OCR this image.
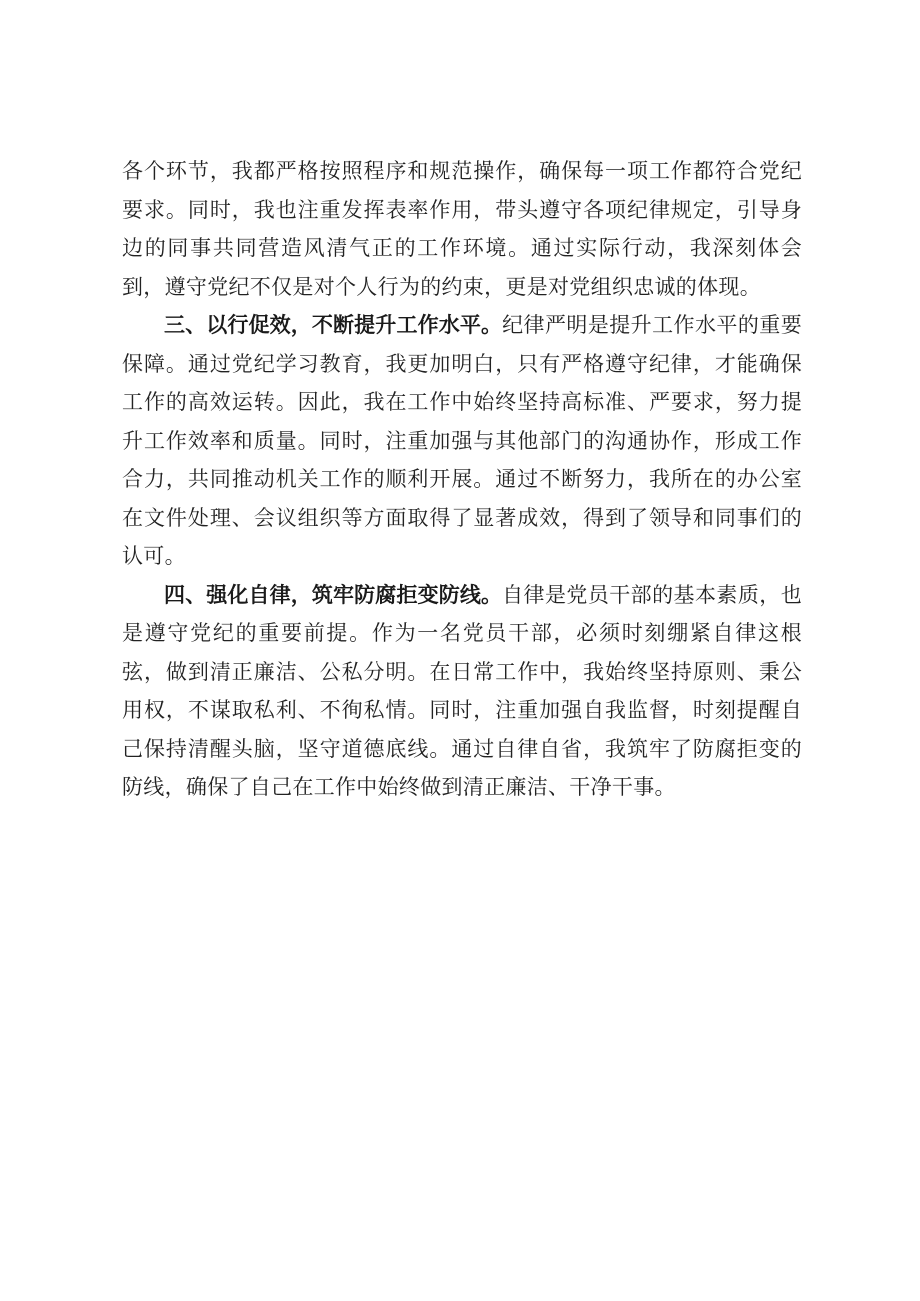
各个环节，我都严格按照程序和规范操作，确保每一项工作都符合党纪要求。同时，我也注重发挥表率作用，带头遵守各项纪律规定，引导身边的同事共同营造风清气正的工作环境。通过实际行动，我深刻体会到，遵守党纪不仅是对个人行为的约束，更是对党组织忠诚的体现。

三、以行促效，不断提升工作水平。纪律严明是提升工作水平的重要保障。通过党纪学习教育，我更加明白，只有严格遵守纪律，才能确保工作的高效运转。因此，我在工作中始终坚持高标准、严要求，努力提升工作效率和质量。同时，注重加强与其他部门的沟通协作，形成工作合力，共同推动机关工作的顺利开展。通过不断努力，我所在的办公室在文件处理、会议组织等方面取得了显著成效，得到了领导和同事们的认可。

四、强化自律，筑牢防腐拒变防线。自律是党员干部的基本素质，也是遵守党纪的重要前提。作为一名党员干部，必须时刻绷紧自律这根弦，做到清正廉洁、公私分明。在日常工作中，我始终坚持原则、秉公用权，不谋取私利、不徇私情。同时，注重加强自我监督，时刻提醒自己保持清醒头脑，坚守道德底线。通过自律自省，我筑牢了防腐拒变的防线，确保了自己在工作中始终做到清正廉洁、干净干事。
